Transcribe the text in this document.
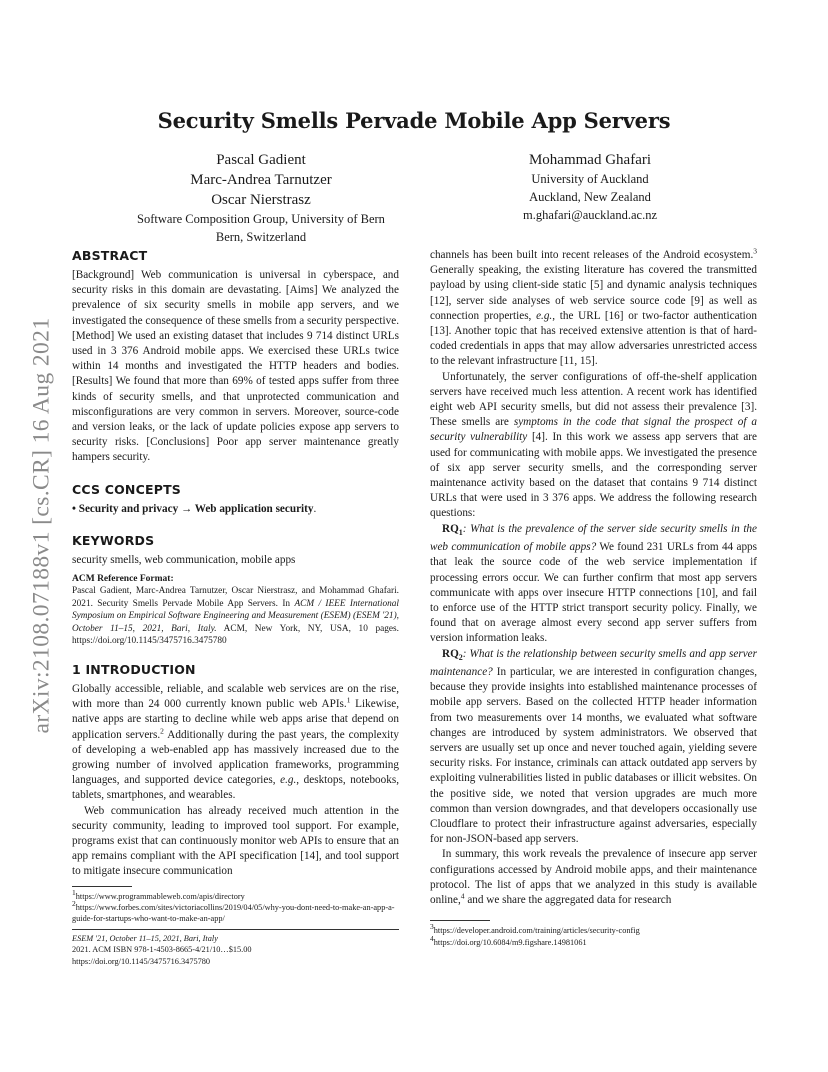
arXiv:2108.07188v1 [cs.CR] 16 Aug 2021
Security Smells Pervade Mobile App Servers
Pascal Gadient
Marc-Andrea Tarnutzer
Oscar Nierstrasz
Software Composition Group, University of Bern
Bern, Switzerland
Mohammad Ghafari
University of Auckland
Auckland, New Zealand
m.ghafari@auckland.ac.nz
ABSTRACT

[Background] Web communication is universal in cyberspace, and security risks in this domain are devastating. [Aims] We analyzed the prevalence of six security smells in mobile app servers, and we investigated the consequence of these smells from a security perspective. [Method] We used an existing dataset that includes 9 714 distinct URLs used in 3 376 Android mobile apps. We exercised these URLs twice within 14 months and investigated the HTTP headers and bodies. [Results] We found that more than 69% of tested apps suffer from three kinds of security smells, and that unprotected communication and misconfigurations are very common in servers. Moreover, source-code and version leaks, or the lack of update policies expose app servers to security risks. [Conclusions] Poor app server maintenance greatly hampers security.

CCS CONCEPTS

• Security and privacy → Web application security.

KEYWORDS

security smells, web communication, mobile apps

ACM Reference Format:

Pascal Gadient, Marc-Andrea Tarnutzer, Oscar Nierstrasz, and Mohammad Ghafari. 2021. Security Smells Pervade Mobile App Servers. In ACM / IEEE International Symposium on Empirical Software Engineering and Measurement (ESEM) (ESEM '21), October 11–15, 2021, Bari, Italy. ACM, New York, NY, USA, 10 pages. https://doi.org/10.1145/3475716.3475780

1 INTRODUCTION

Globally accessible, reliable, and scalable web services are on the rise, with more than 24 000 currently known public web APIs.$^1$ Likewise, native apps are starting to decline while web apps arise that depend on application servers.$^2$ Additionally during the past years, the complexity of developing a web-enabled app has massively increased due to the growing number of involved application frameworks, programming languages, and supported device categories, e.g., desktops, notebooks, tablets, smartphones, and wearables.

Web communication has already received much attention in the security community, leading to improved tool support. For example, programs exist that can continuously monitor web APIs to ensure that an app remains compliant with the API specification [14], and tool support to mitigate insecure communication

1https://www.programmableweb.com/apis/directory

2https://www.forbes.com/sites/victoriacollins/2019/04/05/why-you-dont-need-to-make-an-app-a-guide-for-startups-who-want-to-make-an-app/

ESEM '21, October 11–15, 2021, Bari, Italy

2021. ACM ISBN 978-1-4503-8665-4/21/10…$15.00

https://doi.org/10.1145/3475716.3475780

channels has been built into recent releases of the Android ecosystem.$^3$ Generally speaking, the existing literature has covered the transmitted payload by using client-side static [5] and dynamic analysis techniques [12], server side analyses of web service source code [9] as well as connection properties, e.g., the URL [16] or two-factor authentication [13]. Another topic that has received extensive attention is that of hard-coded credentials in apps that may allow adversaries unrestricted access to the relevant infrastructure [11, 15].

Unfortunately, the server configurations of off-the-shelf application servers have received much less attention. A recent work has identified eight web API security smells, but did not assess their prevalence [3]. These smells are symptoms in the code that signal the prospect of a security vulnerability [4]. In this work we assess app servers that are used for communicating with mobile apps. We investigated the presence of six app server security smells, and the corresponding server maintenance activity based on the dataset that contains 9 714 distinct URLs that were used in 3 376 apps. We address the following research questions:

$RQ_1$: What is the prevalence of the server side security smells in the web communication of mobile apps? We found 231 URLs from 44 apps that leak the source code of the web service implementation if processing errors occur. We can further confirm that most app servers communicate with apps over insecure HTTP connections [10], and fail to enforce use of the HTTP strict transport security policy. Finally, we found that on average almost every second app server suffers from version information leaks.

$RQ_2$: What is the relationship between security smells and app server maintenance? In particular, we are interested in configuration changes, because they provide insights into established maintenance processes of mobile app servers. Based on the collected HTTP header information from two measurements over 14 months, we evaluated what software changes are introduced by system administrators. We observed that servers are usually set up once and never touched again, yielding severe security risks. For instance, criminals can attack outdated app servers by exploiting vulnerabilities listed in public databases or illicit websites. On the positive side, we noted that version upgrades are much more common than version downgrades, and that developers occasionally use Cloudflare to protect their infrastructure against adversaries, especially for non-JSON-based app servers.

In summary, this work reveals the prevalence of insecure app server configurations accessed by Android mobile apps, and their maintenance protocol. The list of apps that we analyzed in this study is available online,$^4$ and we share the aggregated data for research

3https://developer.android.com/training/articles/security-config

4https://doi.org/10.6084/m9.figshare.14981061
